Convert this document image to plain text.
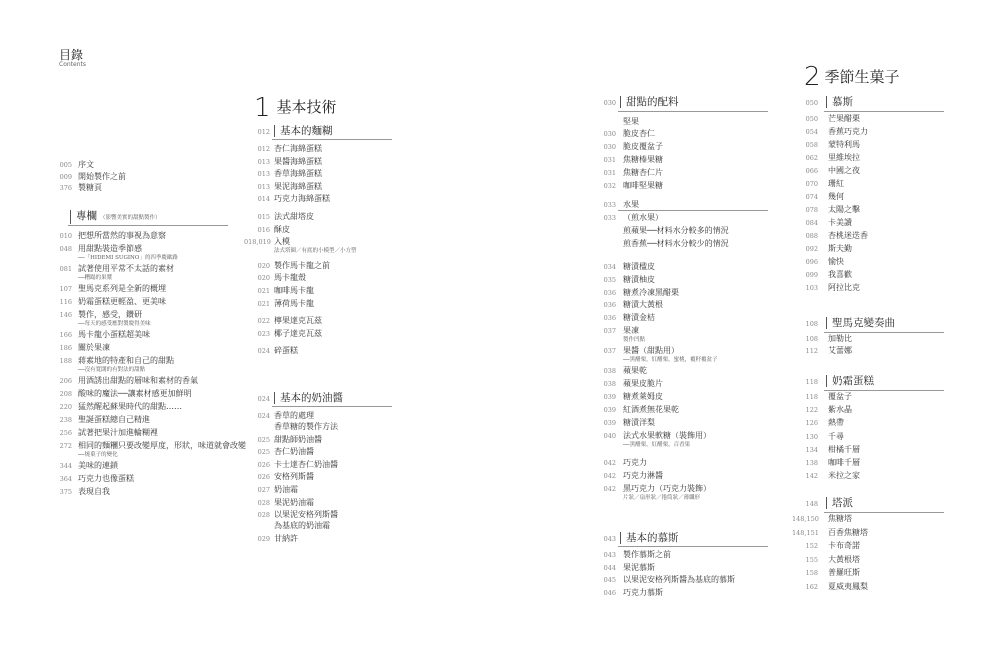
目錄
Contents
005 序文
009 開始製作之前
376 製糖頁
專欄 （影響美實的甜點製作）
010 把想所當然的事視為意察
048 用甜點裝造季節感
──「HIDEMI SUGINO」的四季慶歐路
081 試著使用平常不太話的素材
──糟蹋的果漿
107 聖馬克系列是全新的概埋
116 奶霜蛋糕更輕盈、更美味
146 製作，感受，鑽研
──每天的感受應對製慶得美味
166 馬卡龍小蛋糕超美味
186 關於果凍
188 蔣素地的特產和自己的甜點
──沒有寬闊的有對法的甜點
206 用酒誘出甜點的層味和素材的香氣
208 酸味的魔法──讓素材感更加鮮明
220 猛然醒起蘇果時代的甜點……
238 聖誕蛋糕總自己精進
256 試著把果汁加進輪糊裡
272 相同的麵糰只要改變厚度，形狀，味道就會改變
──燒菓子的變化
344 美味的連鎖
364 巧克力也像蛋糕
375 表現自我
1 基本技術
012 基本的麵糊
012 杏仁海綿蛋糕
013 果醬海綿蛋糕
013 香草海綿蛋糕
013 果泥海綿蛋糕
014 巧克力海綿蛋糕
015 法式甜塔皮
016 酥皮
018,019 入模
法式塔圈／有底的小模型／小方塑
020 製作馬卡龍之前
020 馬卡龍殼
021 咖啡馬卡龍
021 薄荷馬卡龍
022 檸果達克瓦茲
023 椰子達克瓦茲
024 碎蛋糕
024 基本的奶油醬
024 香草的處理
香草糖的製作方法
025 甜點師奶油醬
025 杏仁奶油醬
026 卡士達杏仁奶油醬
026 安格列斯醬
027 奶油霜
028 果泥奶油霜
028 以果泥安格列斯醬
為基底的奶油霜
029 甘納許
030 甜點的配料
堅果
030 脆皮杏仁
030 脆皮覆盆子
031 焦糖榛果糖
031 焦糖杏仁片
032 咖啡堅果糖
033 水果
033 （煎水果）
煎蘋果──材料水分較多的情況
煎香蕉──材料水分較少的情況
034 糖漬楹皮
035 糖漬柚皮
036 糖煮冷凍黑醋栗
036 糖漬大黃根
036 糖漬金桔
037 果凍
製作凹點
037 果醬（甜點用）
──黑醋栗，紅醋栗，蜜桃，覆籽覆盆子
038 蘋果乾
038 蘋果皮脆片
039 糖煮萊姆皮
039 紅酒煮無花果乾
039 糖漬洋梨
040 法式水果軟糖（裝飾用）
──黑醋栗，紅醋栗，百香果
042 巧克力
042 巧克力淋醬
042 黑巧克力（巧克力裝飾）
片狀／扇形狀／捲筒狀／薄纖形
043 基本的慕斯
043 製作慕斯之前
044 果泥慕斯
045 以果泥安格列斯醬為基底的慕斯
046 巧克力慕斯
2 季節生菓子
050	慕斯
050 芒果醋栗
054 香蕉巧克力
058 蒙特利馬
062 里維埃拉
066 中國之夜
070 珊紅
074 幾何
078 太陽之擊
084 卡美讀
088 杏桃迷迭香
092 斯夫勤
096 愉快
099 我喜歡
103 阿拉比克
108	聖馬克變奏曲
108 加勒比
112 艾蕾娜
118	奶霜蛋糕
118 覆盆子
122 紫水晶
126 熱帶
130 千尋
134 柑橘千層
138 咖啡千層
142 米拉之家
148	塔派
148,150 焦糖塔
148,151 百香焦糖塔
152 卡布奇諾
155 大黃根塔
158 普羅旺斯
162 夏威夷鳳梨
